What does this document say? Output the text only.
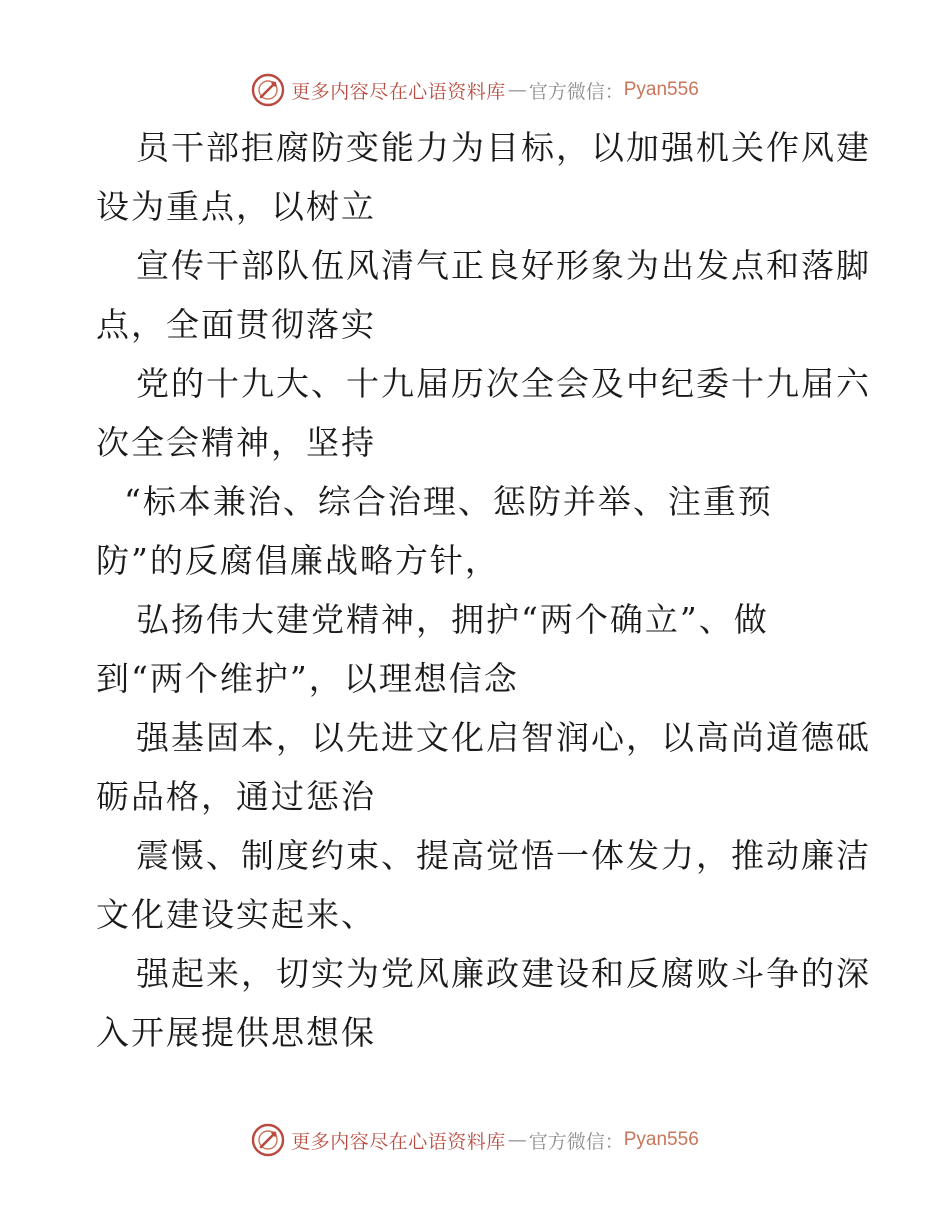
更多内容尽在心语资料库 — 官方微信： Pyan556
员干部拒腐防变能力为目标，以加强机关作风建
设为重点，以树立
宣传干部队伍风清气正良好形象为出发点和落脚
点，全面贯彻落实
党的十九大、十九届历次全会及中纪委十九届六
次全会精神，坚持
“标本兼治、综合治理、惩防并举、注重预
防”的反腐倡廉战略方针，
弘扬伟大建党精神，拥护“两个确立”、做
到“两个维护”，以理想信念
强基固本，以先进文化启智润心，以高尚道德砥
砺品格，通过惩治
震慑、制度约束、提高觉悟一体发力，推动廉洁
文化建设实起来、
强起来，切实为党风廉政建设和反腐败斗争的深
入开展提供思想保
更多内容尽在心语资料库 — 官方微信： Pyan556
